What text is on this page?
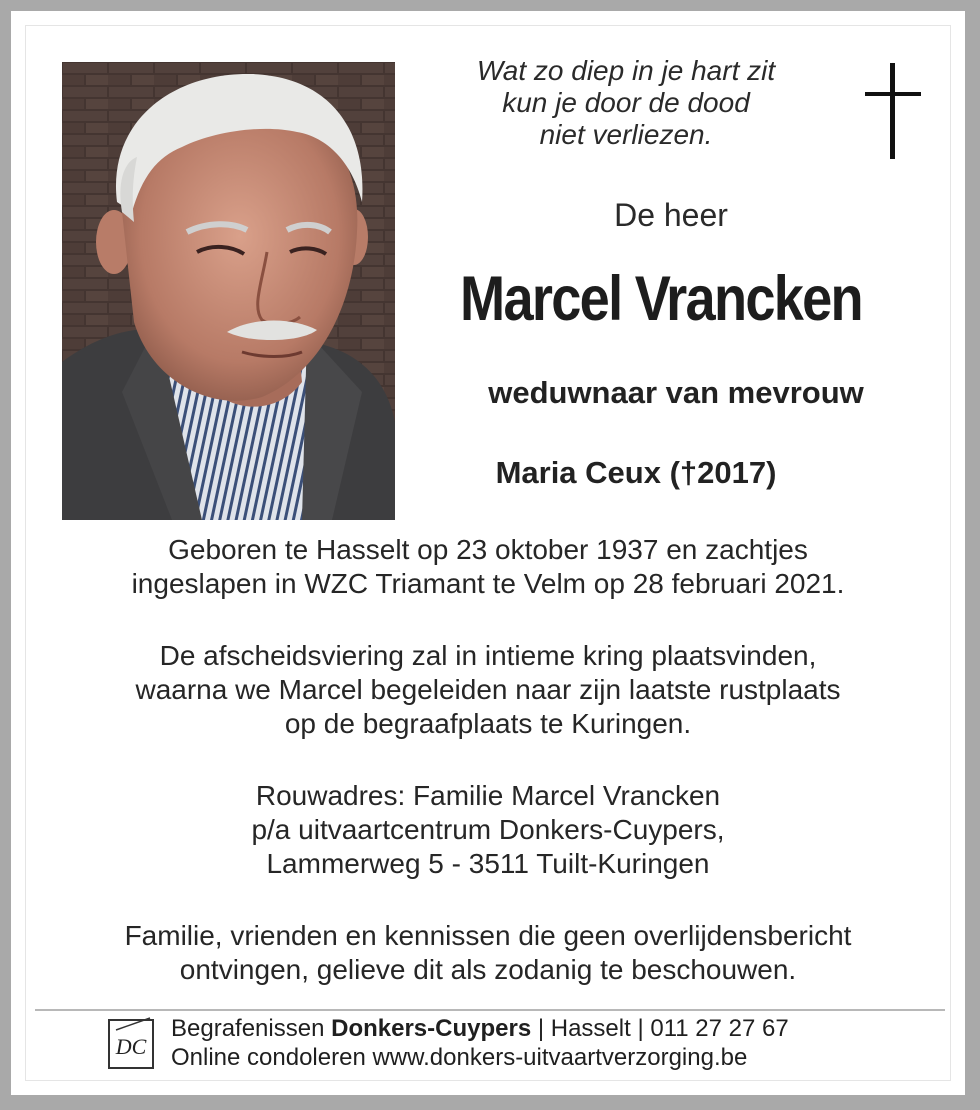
Wat zo diep in je hart zit
kun je door de dood
niet verliezen.
De heer
Marcel Vrancken
weduwnaar van mevrouw
Maria Ceux (†2017)
Geboren te Hasselt op 23 oktober 1937 en zachtjes
ingeslapen in WZC Triamant te Velm op 28 februari 2021.
De afscheidsviering zal in intieme kring plaatsvinden,
waarna we Marcel begeleiden naar zijn laatste rustplaats
op de begraafplaats te Kuringen.
Rouwadres: Familie Marcel Vrancken
p/a uitvaartcentrum Donkers-Cuypers,
Lammerweg 5 - 3511 Tuilt-Kuringen
Familie, vrienden en kennissen die geen overlijdensbericht
ontvingen, gelieve dit als zodanig te beschouwen.
DC
Begrafenissen Donkers-Cuypers | Hasselt | 011 27 27 67
Online condoleren www.donkers-uitvaartverzorging.be
